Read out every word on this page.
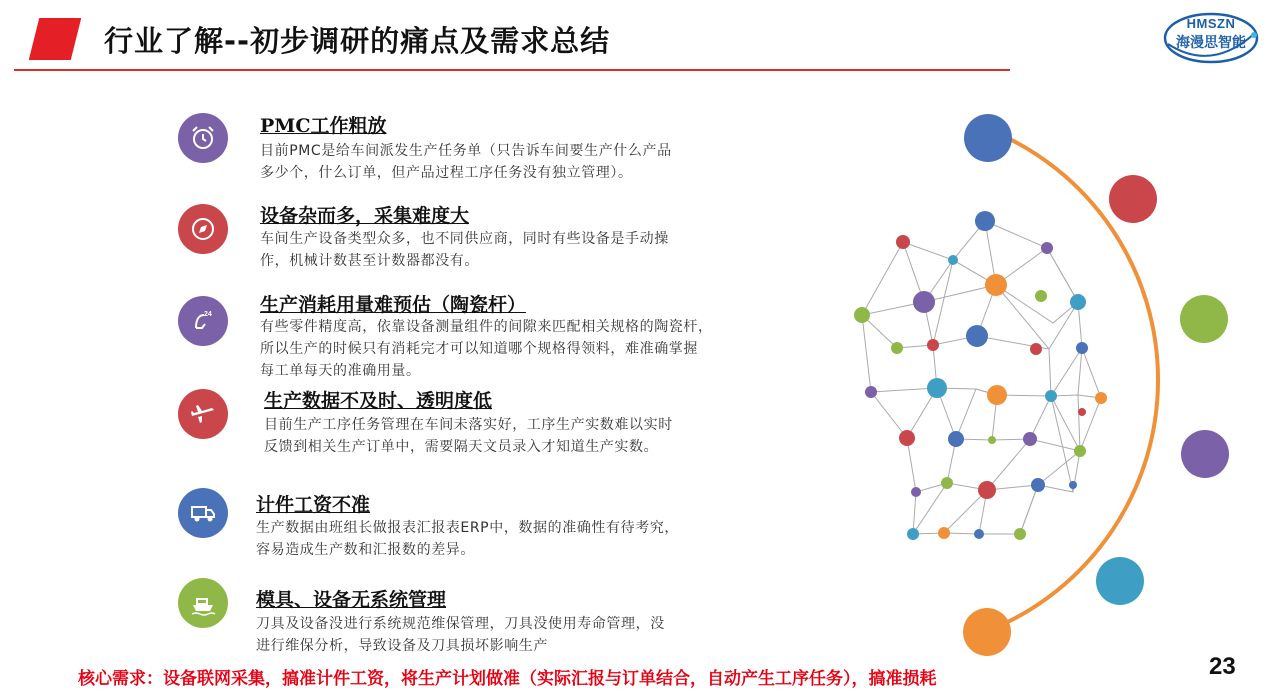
行业了解--初步调研的痛点及需求总结
HMSZN
海漫思智能
PMC工作粗放
目前PMC是给车间派发生产任务单（只告诉车间要生产什么产品
多少个，什么订单，但产品过程工序任务没有独立管理）。
设备杂而多，采集难度大
车间生产设备类型众多，也不同供应商，同时有些设备是手动操
作，机械计数甚至计数器都没有。
24	生产消耗用量难预估（陶瓷杆）
有些零件精度高，依靠设备测量组件的间隙来匹配相关规格的陶瓷杆，
所以生产的时候只有消耗完才可以知道哪个规格得领料，难准确掌握
每工单每天的准确用量。
生产数据不及时、透明度低
目前生产工序任务管理在车间未落实好，工序生产实数难以实时
反馈到相关生产订单中，需要隔天文员录入才知道生产实数。
计件工资不准
生产数据由班组长做报表汇报表ERP中，数据的准确性有待考究，
容易造成生产数和汇报数的差异。
模具、设备无系统管理
刀具及设备没进行系统规范维保管理，刀具没使用寿命管理，没
进行维保分析，导致设备及刀具损坏影响生产
核心需求：设备联网采集，搞准计件工资，将生产计划做准（实际汇报与订单结合，自动产生工序任务），搞准损耗	23
